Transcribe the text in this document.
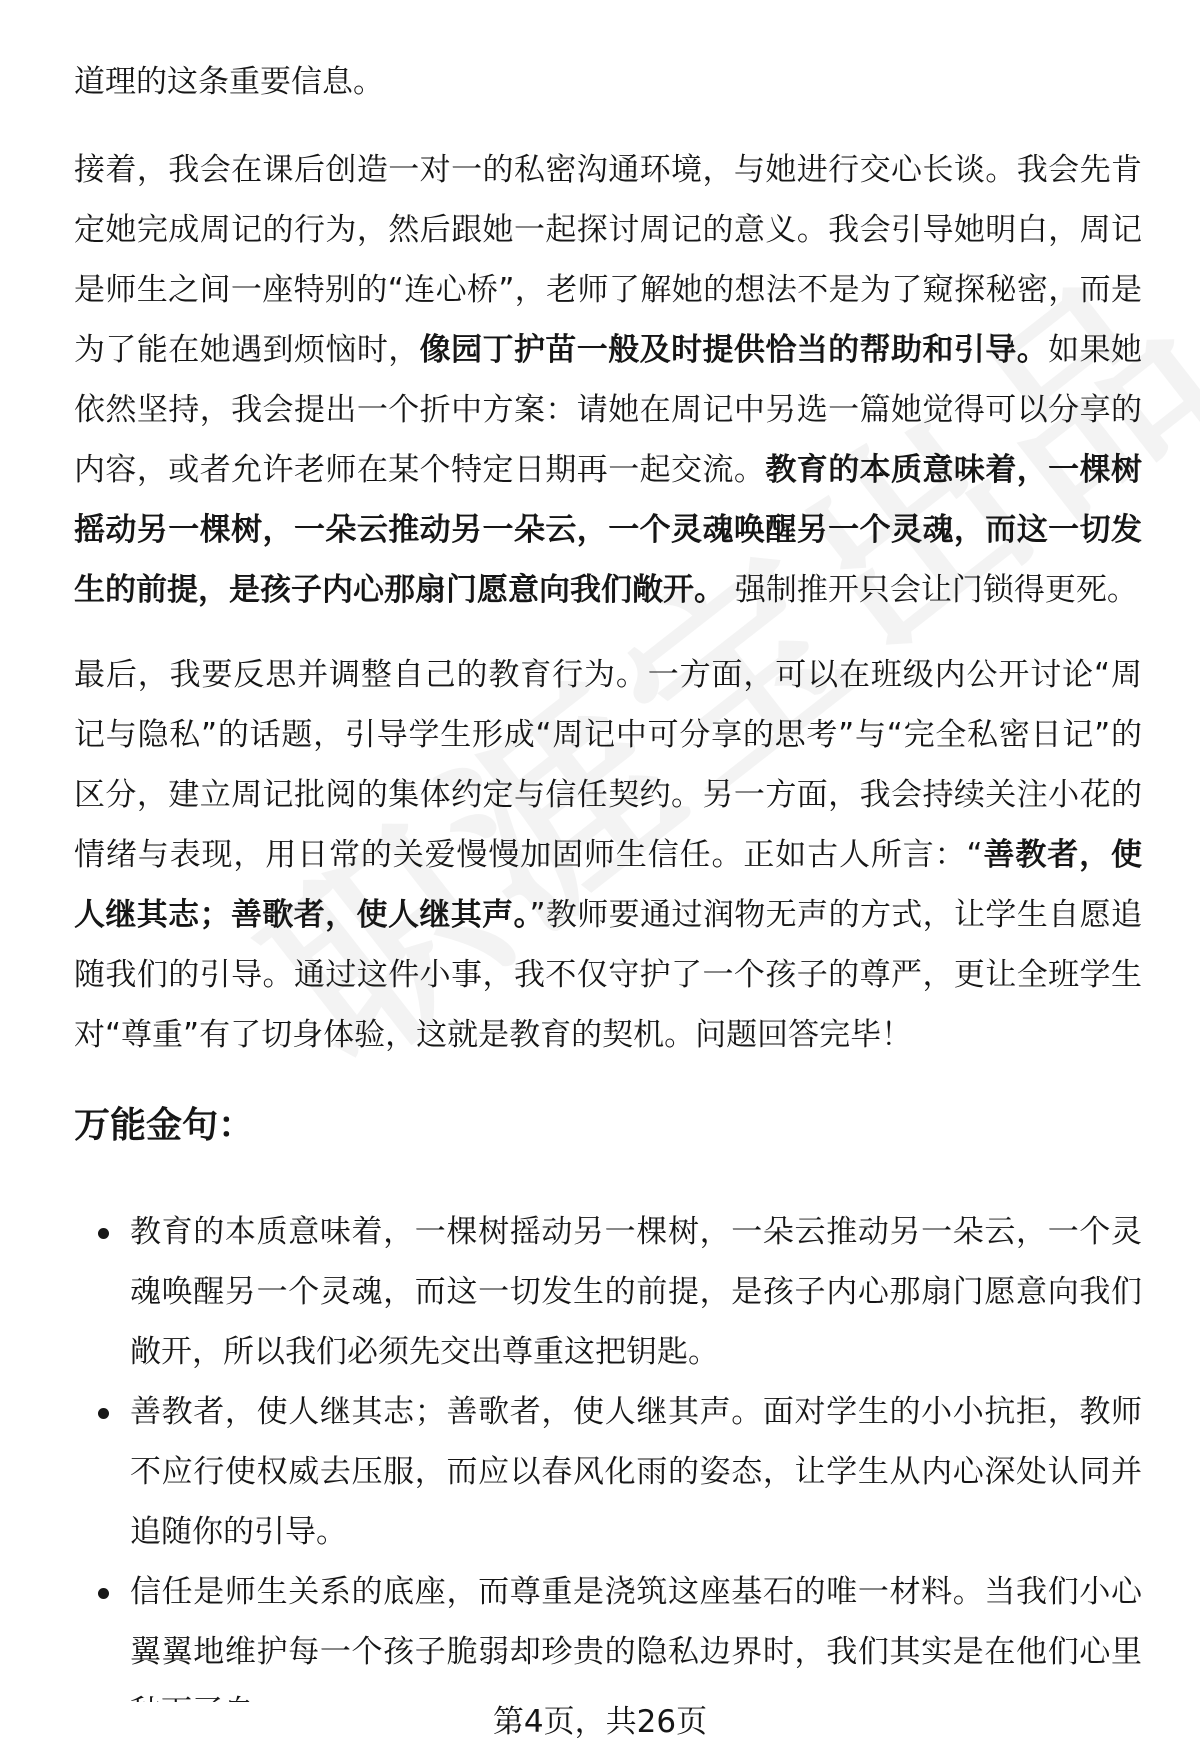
道理的这条重要信息。

接着，我会在课后创造一对一的私密沟通环境，与她进行交心长谈。我会先肯定她完成周记的行为，然后跟她一起探讨周记的意义。我会引导她明白，周记是师生之间一座特别的“连心桥”，老师了解她的想法不是为了窥探秘密，而是为了能在她遇到烦恼时，像园丁护苗一般及时提供恰当的帮助和引导。如果她依然坚持，我会提出一个折中方案：请她在周记中另选一篇她觉得可以分享的内容，或者允许老师在某个特定日期再一起交流。教育的本质意味着，一棵树摇动另一棵树，一朵云推动另一朵云，一个灵魂唤醒另一个灵魂，而这一切发生的前提，是孩子内心那扇门愿意向我们敞开。 强制推开只会让门锁得更死。

最后，我要反思并调整自己的教育行为。一方面，可以在班级内公开讨论“周记与隐私”的话题，引导学生形成“周记中可分享的思考”与“完全私密日记”的区分，建立周记批阅的集体约定与信任契约。另一方面，我会持续关注小花的情绪与表现，用日常的关爱慢慢加固师生信任。正如古人所言：“善教者，使人继其志；善歌者，使人继其声。”教师要通过润物无声的方式，让学生自愿追随我们的引导。通过这件小事，我不仅守护了一个孩子的尊严，更让全班学生对“尊重”有了切身体验，这就是教育的契机。问题回答完毕！

万能金句：

教育的本质意味着，一棵树摇动另一棵树，一朵云推动另一朵云，一个灵魂唤醒另一个灵魂，而这一切发生的前提，是孩子内心那扇门愿意向我们敞开，所以我们必须先交出尊重这把钥匙。

善教者，使人继其志；善歌者，使人继其声。面对学生的小小抗拒，教师不应行使权威去压服，而应以春风化雨的姿态，让学生从内心深处认同并追随你的引导。

信任是师生关系的底座，而尊重是浇筑这座基石的唯一材料。当我们小心翼翼地维护每一个孩子脆弱却珍贵的隐私边界时，我们其实是在他们心里

第4页，共26页
